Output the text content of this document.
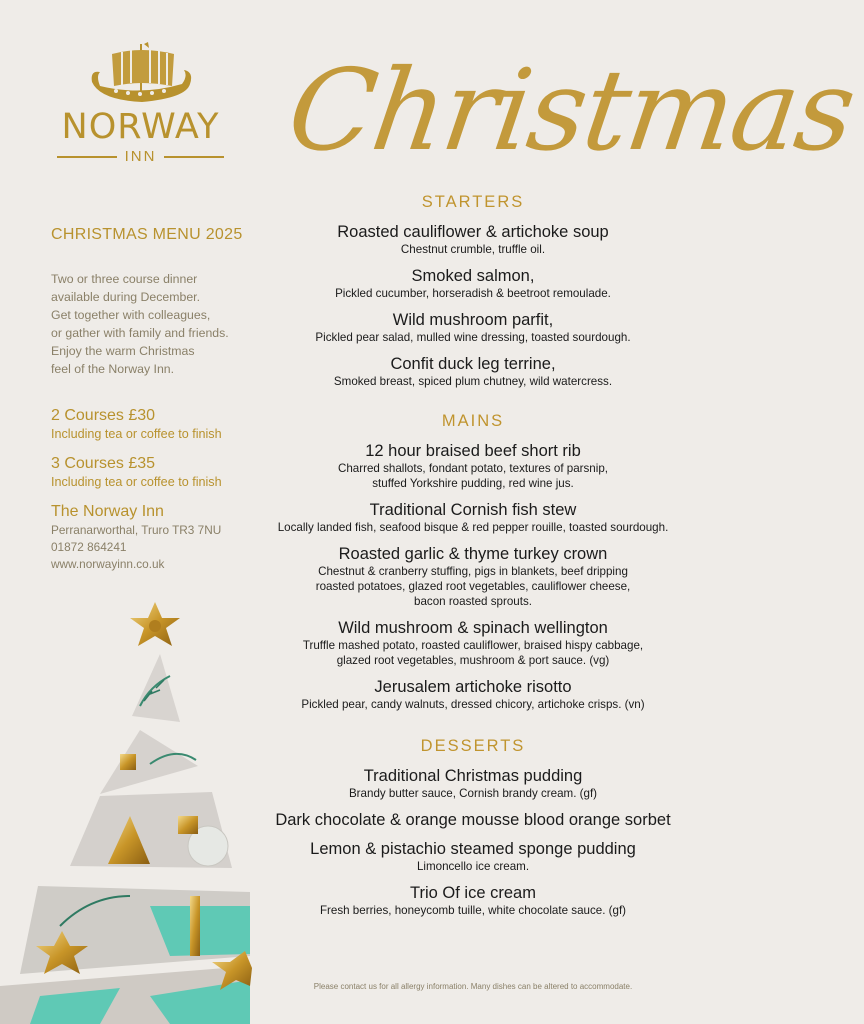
NORWAY
INN Christmas
CHRISTMAS MENU 2025
Two or three course dinner
available during December.
Get together with colleagues,
or gather with family and friends.
Enjoy the warm Christmas
feel of the Norway Inn.
2 Courses £30
Including tea or coffee to finish
3 Courses £35
Including tea or coffee to finish
The Norway Inn
Perranarworthal, Truro TR3 7NU
01872 864241
www.norwayinn.co.uk
STARTERS
Roasted cauliflower & artichoke soup
Chestnut crumble, truffle oil.
Smoked salmon,
Pickled cucumber, horseradish & beetroot remoulade.
Wild mushroom parfit,
Pickled pear salad, mulled wine dressing, toasted sourdough.
Confit duck leg terrine,
Smoked breast, spiced plum chutney, wild watercress.
MAINS
12 hour braised beef short rib
Charred shallots, fondant potato, textures of parsnip,
stuffed Yorkshire pudding, red wine jus.
Traditional Cornish fish stew
Locally landed fish, seafood bisque & red pepper rouille, toasted sourdough.
Roasted garlic & thyme turkey crown
Chestnut & cranberry stuffing, pigs in blankets, beef dripping
roasted potatoes, glazed root vegetables, cauliflower cheese,
bacon roasted sprouts.
Wild mushroom & spinach wellington
Truffle mashed potato, roasted cauliflower, braised hispy cabbage,
glazed root vegetables, mushroom & port sauce. (vg)
Jerusalem artichoke risotto
Pickled pear, candy walnuts, dressed chicory, artichoke crisps. (vn)
DESSERTS
Traditional Christmas pudding
Brandy butter sauce, Cornish brandy cream. (gf)
Dark chocolate & orange mousse blood orange sorbet
Lemon & pistachio steamed sponge pudding
Limoncello ice cream.
Trio Of ice cream
Fresh berries, honeycomb tuille, white chocolate sauce. (gf)
Please contact us for all allergy information. Many dishes can be altered to accommodate.
